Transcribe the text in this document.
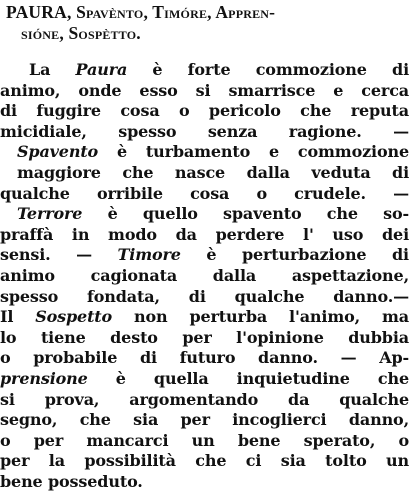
PAURA, Spavènto, Timóre, Appren-
sióne, Sospètto.
La Paura è forte commozione di
animo, onde esso si smarrisce e cerca
di fuggire cosa o pericolo che reputa
micidiale, spesso senza ragione. —
Spavento è turbamento e commozione
maggiore che nasce dalla veduta di
qualche orribile cosa o crudele. —
Terrore è quello spavento che so-
praffà in modo da perdere l' uso dei
sensi. — Timore è perturbazione di
animo cagionata dalla aspettazione,
spesso fondata, di qualche danno.—
Il Sospetto non perturba l'animo, ma
lo tiene desto per l'opinione dubbia
o probabile di futuro danno. — Ap-
prensione è quella inquietudine che
si prova, argomentando da qualche
segno, che sia per incoglierci danno,
o per mancarci un bene sperato, o
per la possibilità che ci sia tolto un
bene posseduto.
